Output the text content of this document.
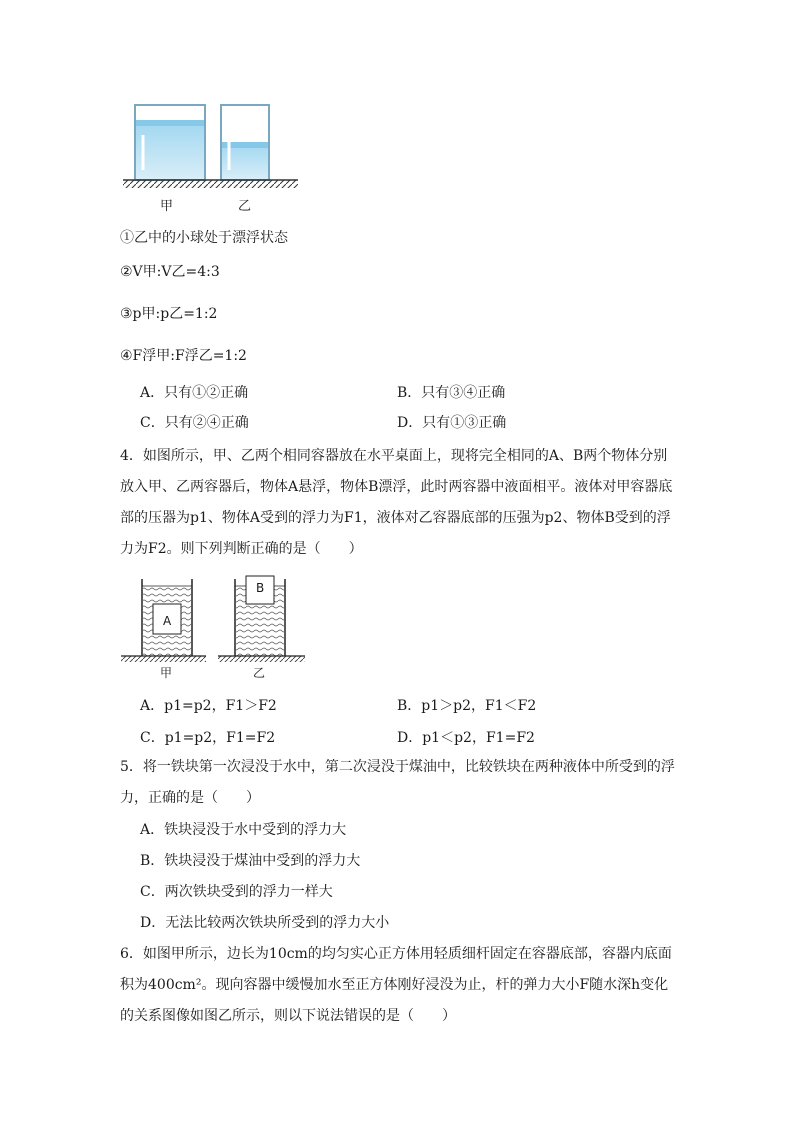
甲	乙
①乙中的小球处于漂浮状态
②V甲:V乙=4:3
③p甲:p乙=1:2
④F浮甲:F浮乙=1:2
A．只有①②正确	B．只有③④正确
C．只有②④正确	D．只有①③正确
4．如图所示，甲、乙两个相同容器放在水平桌面上，现将完全相同的A、B两个物体分别放入甲、乙两容器后，物体A悬浮，物体B漂浮，此时两容器中液面相平。液体对甲容器底部的压器为p1、物体A受到的浮力为F1，液体对乙容器底部的压强为p2、物体B受到的浮力为F2。则下列判断正确的是（　　）
A
B
甲	乙
A．p1=p2，F1＞F2	B．p1＞p2，F1＜F2
C．p1=p2，F1=F2	D．p1＜p2，F1=F2
5．将一铁块第一次浸没于水中，第二次浸没于煤油中，比较铁块在两种液体中所受到的浮力，正确的是（　　）
A．铁块浸没于水中受到的浮力大
B．铁块浸没于煤油中受到的浮力大
C．两次铁块受到的浮力一样大
D．无法比较两次铁块所受到的浮力大小
6．如图甲所示，边长为10cm的均匀实心正方体用轻质细杆固定在容器底部，容器内底面积为400cm²。现向容器中缓慢加水至正方体刚好浸没为止，杆的弹力大小F随水深h变化的关系图像如图乙所示，则以下说法错误的是（　　）
